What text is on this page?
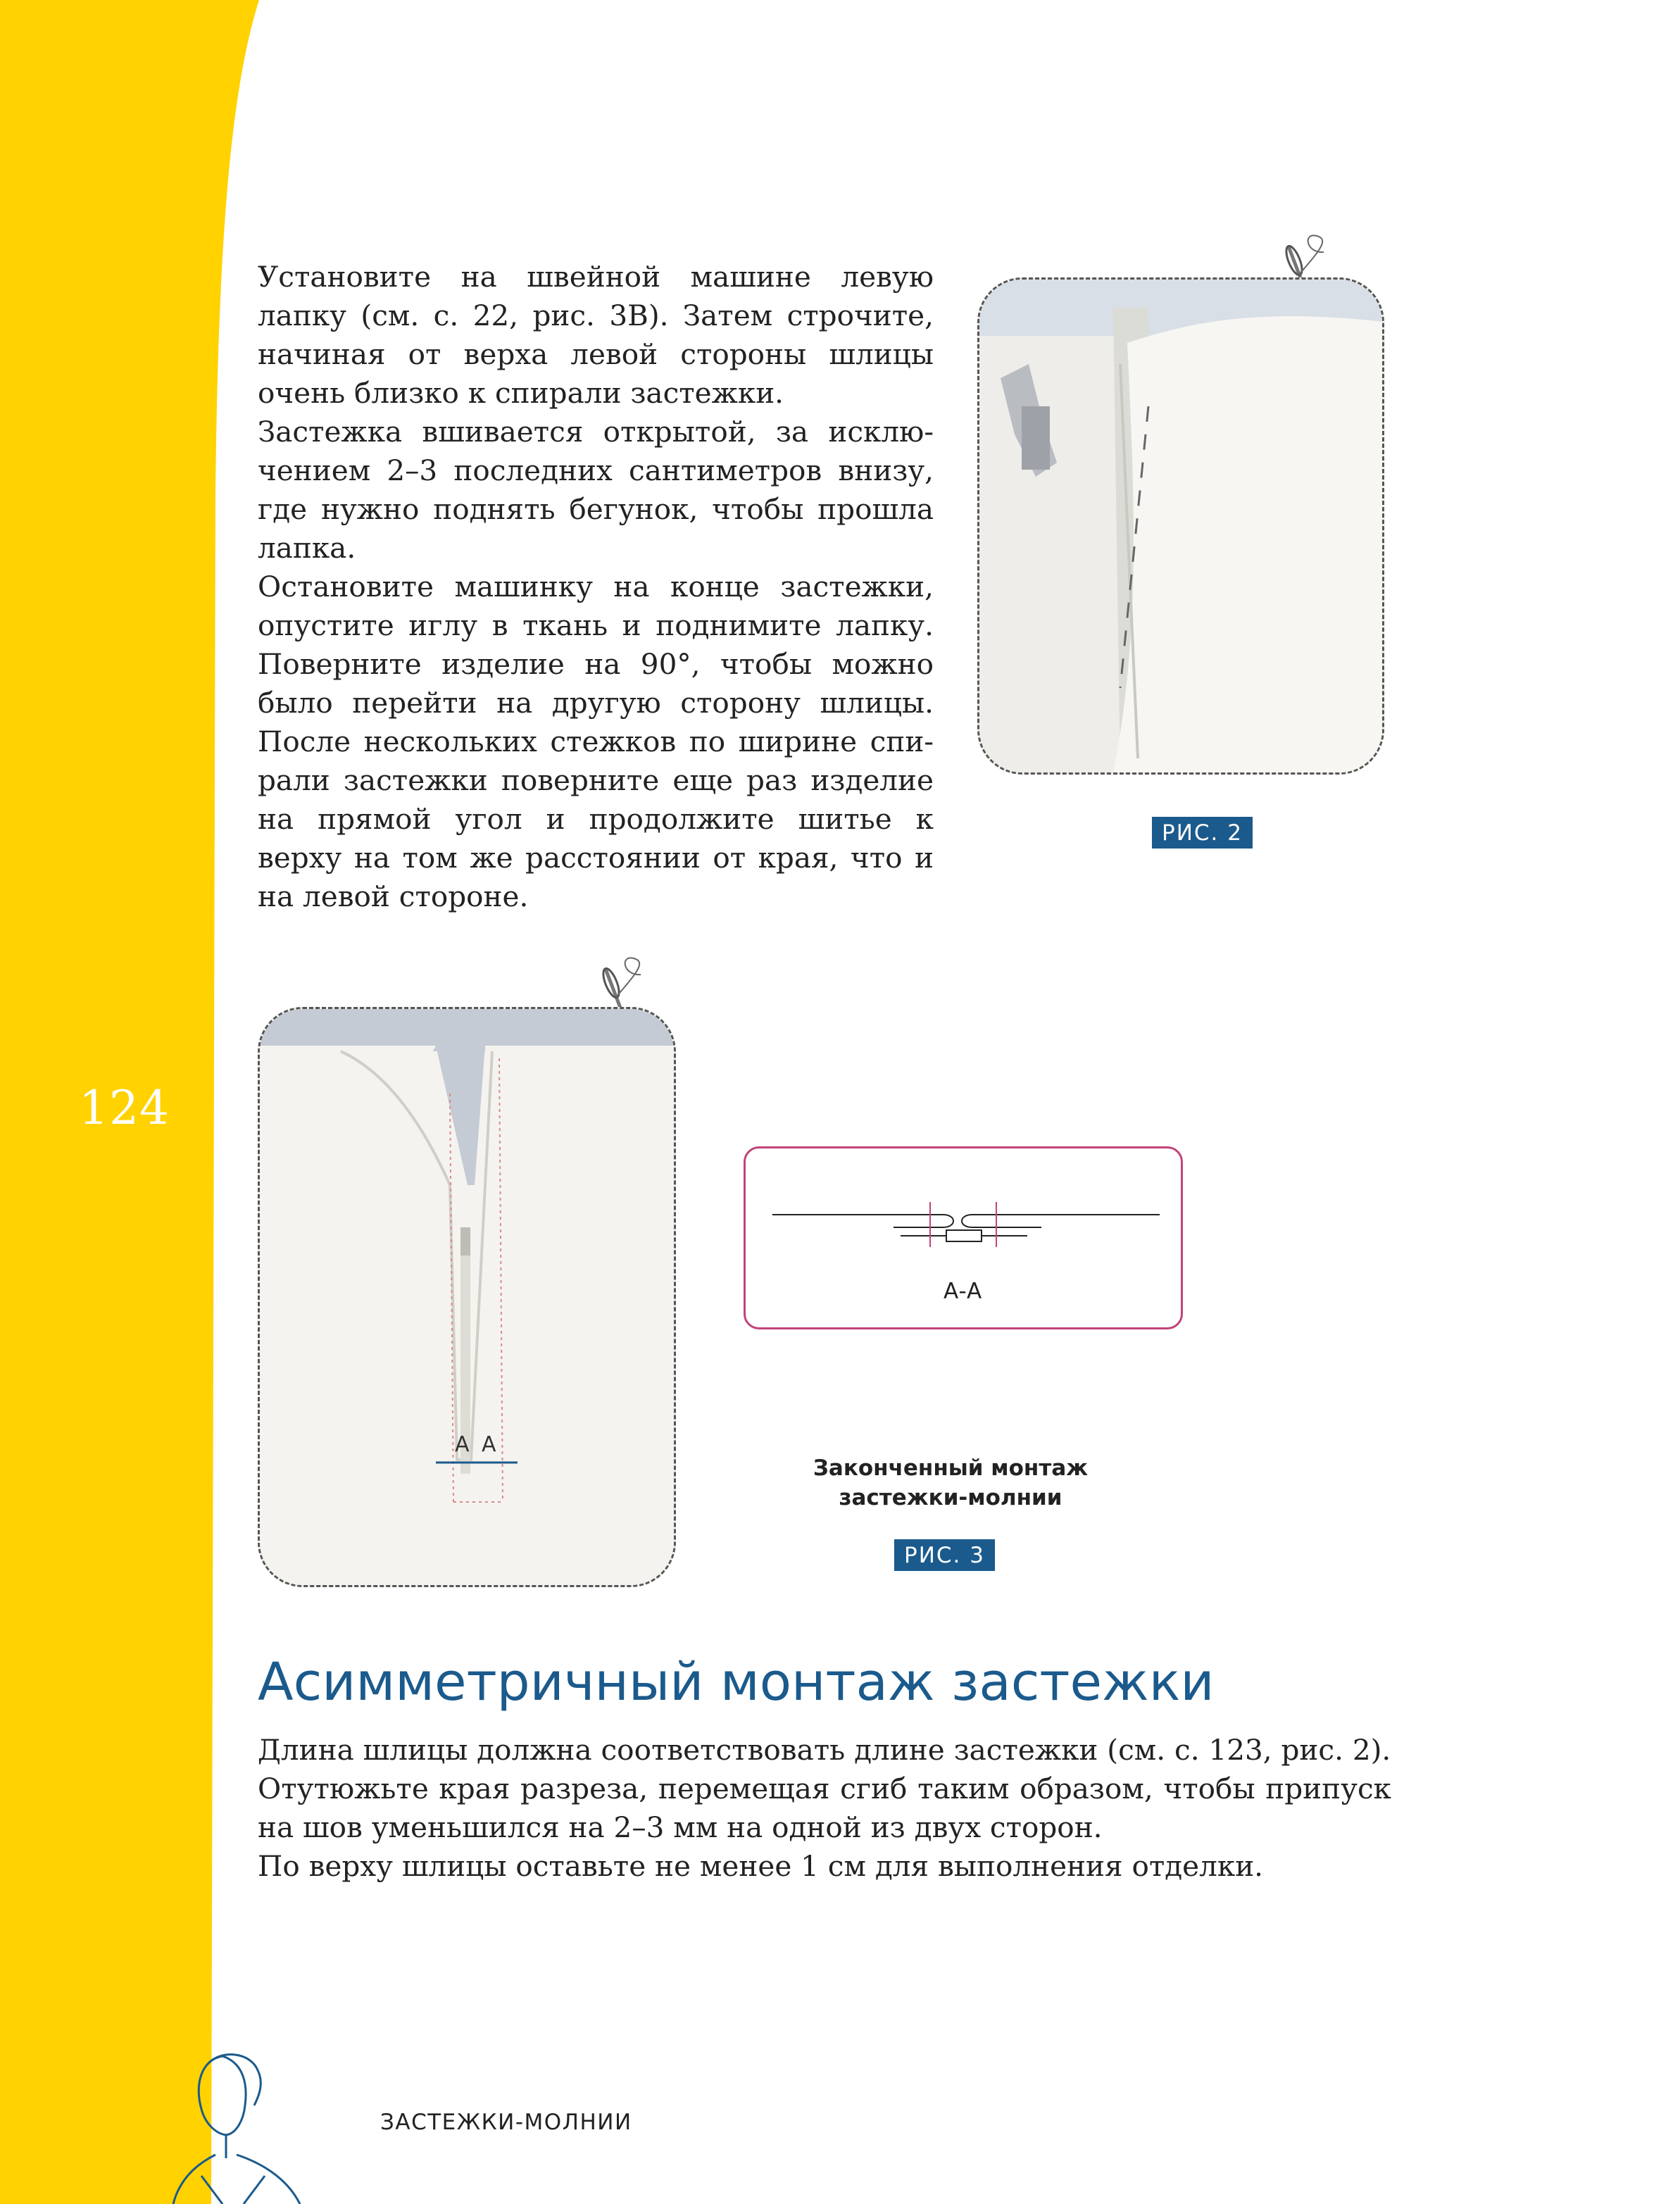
124

Установите на швейной машине левую лапку (см. с. 22, рис. 3В). Затем строчите, начиная от верха левой стороны шлицы очень близко к спирали застежки.

Застежка вшивается открытой, за исключением 2–3 последних сантиметров внизу, где нужно поднять бегунок, чтобы прошла лапка.

Остановите машинку на конце застежки, опустите иглу в ткань и поднимите лапку. Поверните изделие на 90°, чтобы можно было перейти на другую сторону шлицы. После нескольких стежков по ширине спирали застежки поверните еще раз изделие на прямой угол и продолжите шитье к верху на том же расстоянии от края, что и на левой стороне.

РИС. 2
A A
A-A
Законченный монтаж
застежки-молнии
РИС. 3
Асимметричный монтаж застежки

Длина шлицы должна соответствовать длине застежки (см. с. 123, рис. 2).

Отутюжьте края разреза, перемещая сгиб таким образом, чтобы припуск на шов уменьшился на 2–3 мм на одной из двух сторон.

По верху шлицы оставьте не менее 1 см для выполнения отделки.

ЗАСТЕЖКИ-МОЛНИИ
